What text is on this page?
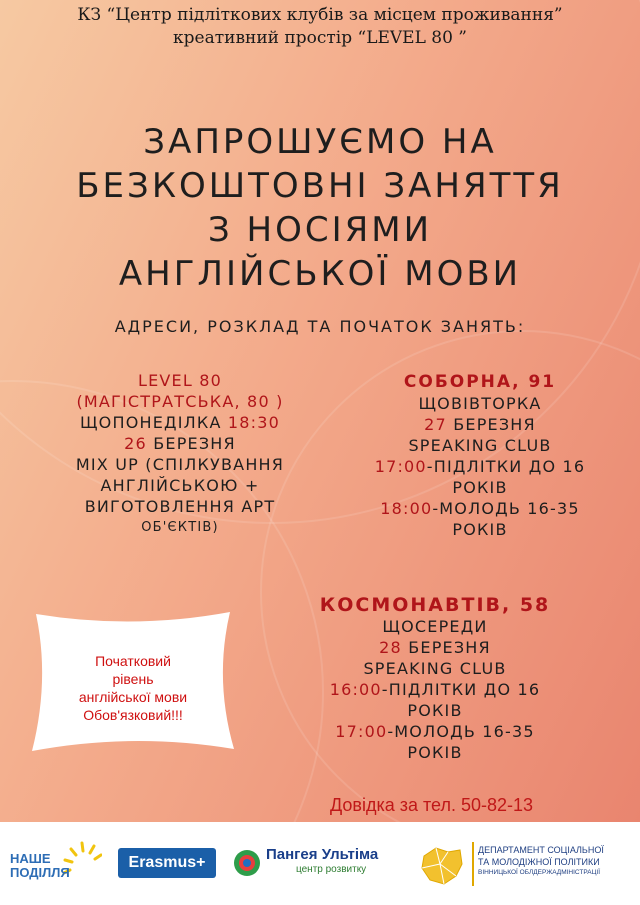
КЗ “Центр підліткових клубів за місцем проживання”
креативний простір “LEVEL 80 ”
ЗАПРОШУЄМО НА
БЕЗКОШТОВНІ ЗАНЯТТЯ
З НОСІЯМИ
АНГЛІЙСЬКОЇ МОВИ
АДРЕСИ, РОЗКЛАД ТА ПОЧАТОК ЗАНЯТЬ:
LEVEL 80
(МАГІСТРАТСЬКА, 80 )
ЩОПОНЕДІЛКА 18:30
26 БЕРЕЗНЯ
MIX UP (СПІЛКУВАННЯ
АНГЛІЙСЬКОЮ +
ВИГОТОВЛЕННЯ АРТ
ОБ'ЄКТІВ)
СОБОРНА, 91
ЩОВІВТОРКА
27 БЕРЕЗНЯ
SPEAKING CLUB
17:00-ПІДЛІТКИ ДО 16
РОКІВ
18:00-МОЛОДЬ 16-35
РОКІВ
КОСМОНАВТІВ, 58
ЩОСЕРЕДИ
28 БЕРЕЗНЯ
SPEAKING CLUB
16:00-ПІДЛІТКИ ДО 16
РОКІВ
17:00-МОЛОДЬ 16-35
РОКІВ
Початковий
рівень
англійської мови
Обов'язковий!!!
Довідка за тел. 50-82-13
НАШЕ
ПОДІЛЛЯ
Erasmus+	Пангея Ультіма
центр розвитку
ДЕПАРТАМЕНТ СОЦІАЛЬНОЇ
ТА МОЛОДІЖНОЇ ПОЛІТИКИ
ВІННИЦЬКОЇ ОБЛДЕРЖАДМІНІСТРАЦІЇ
